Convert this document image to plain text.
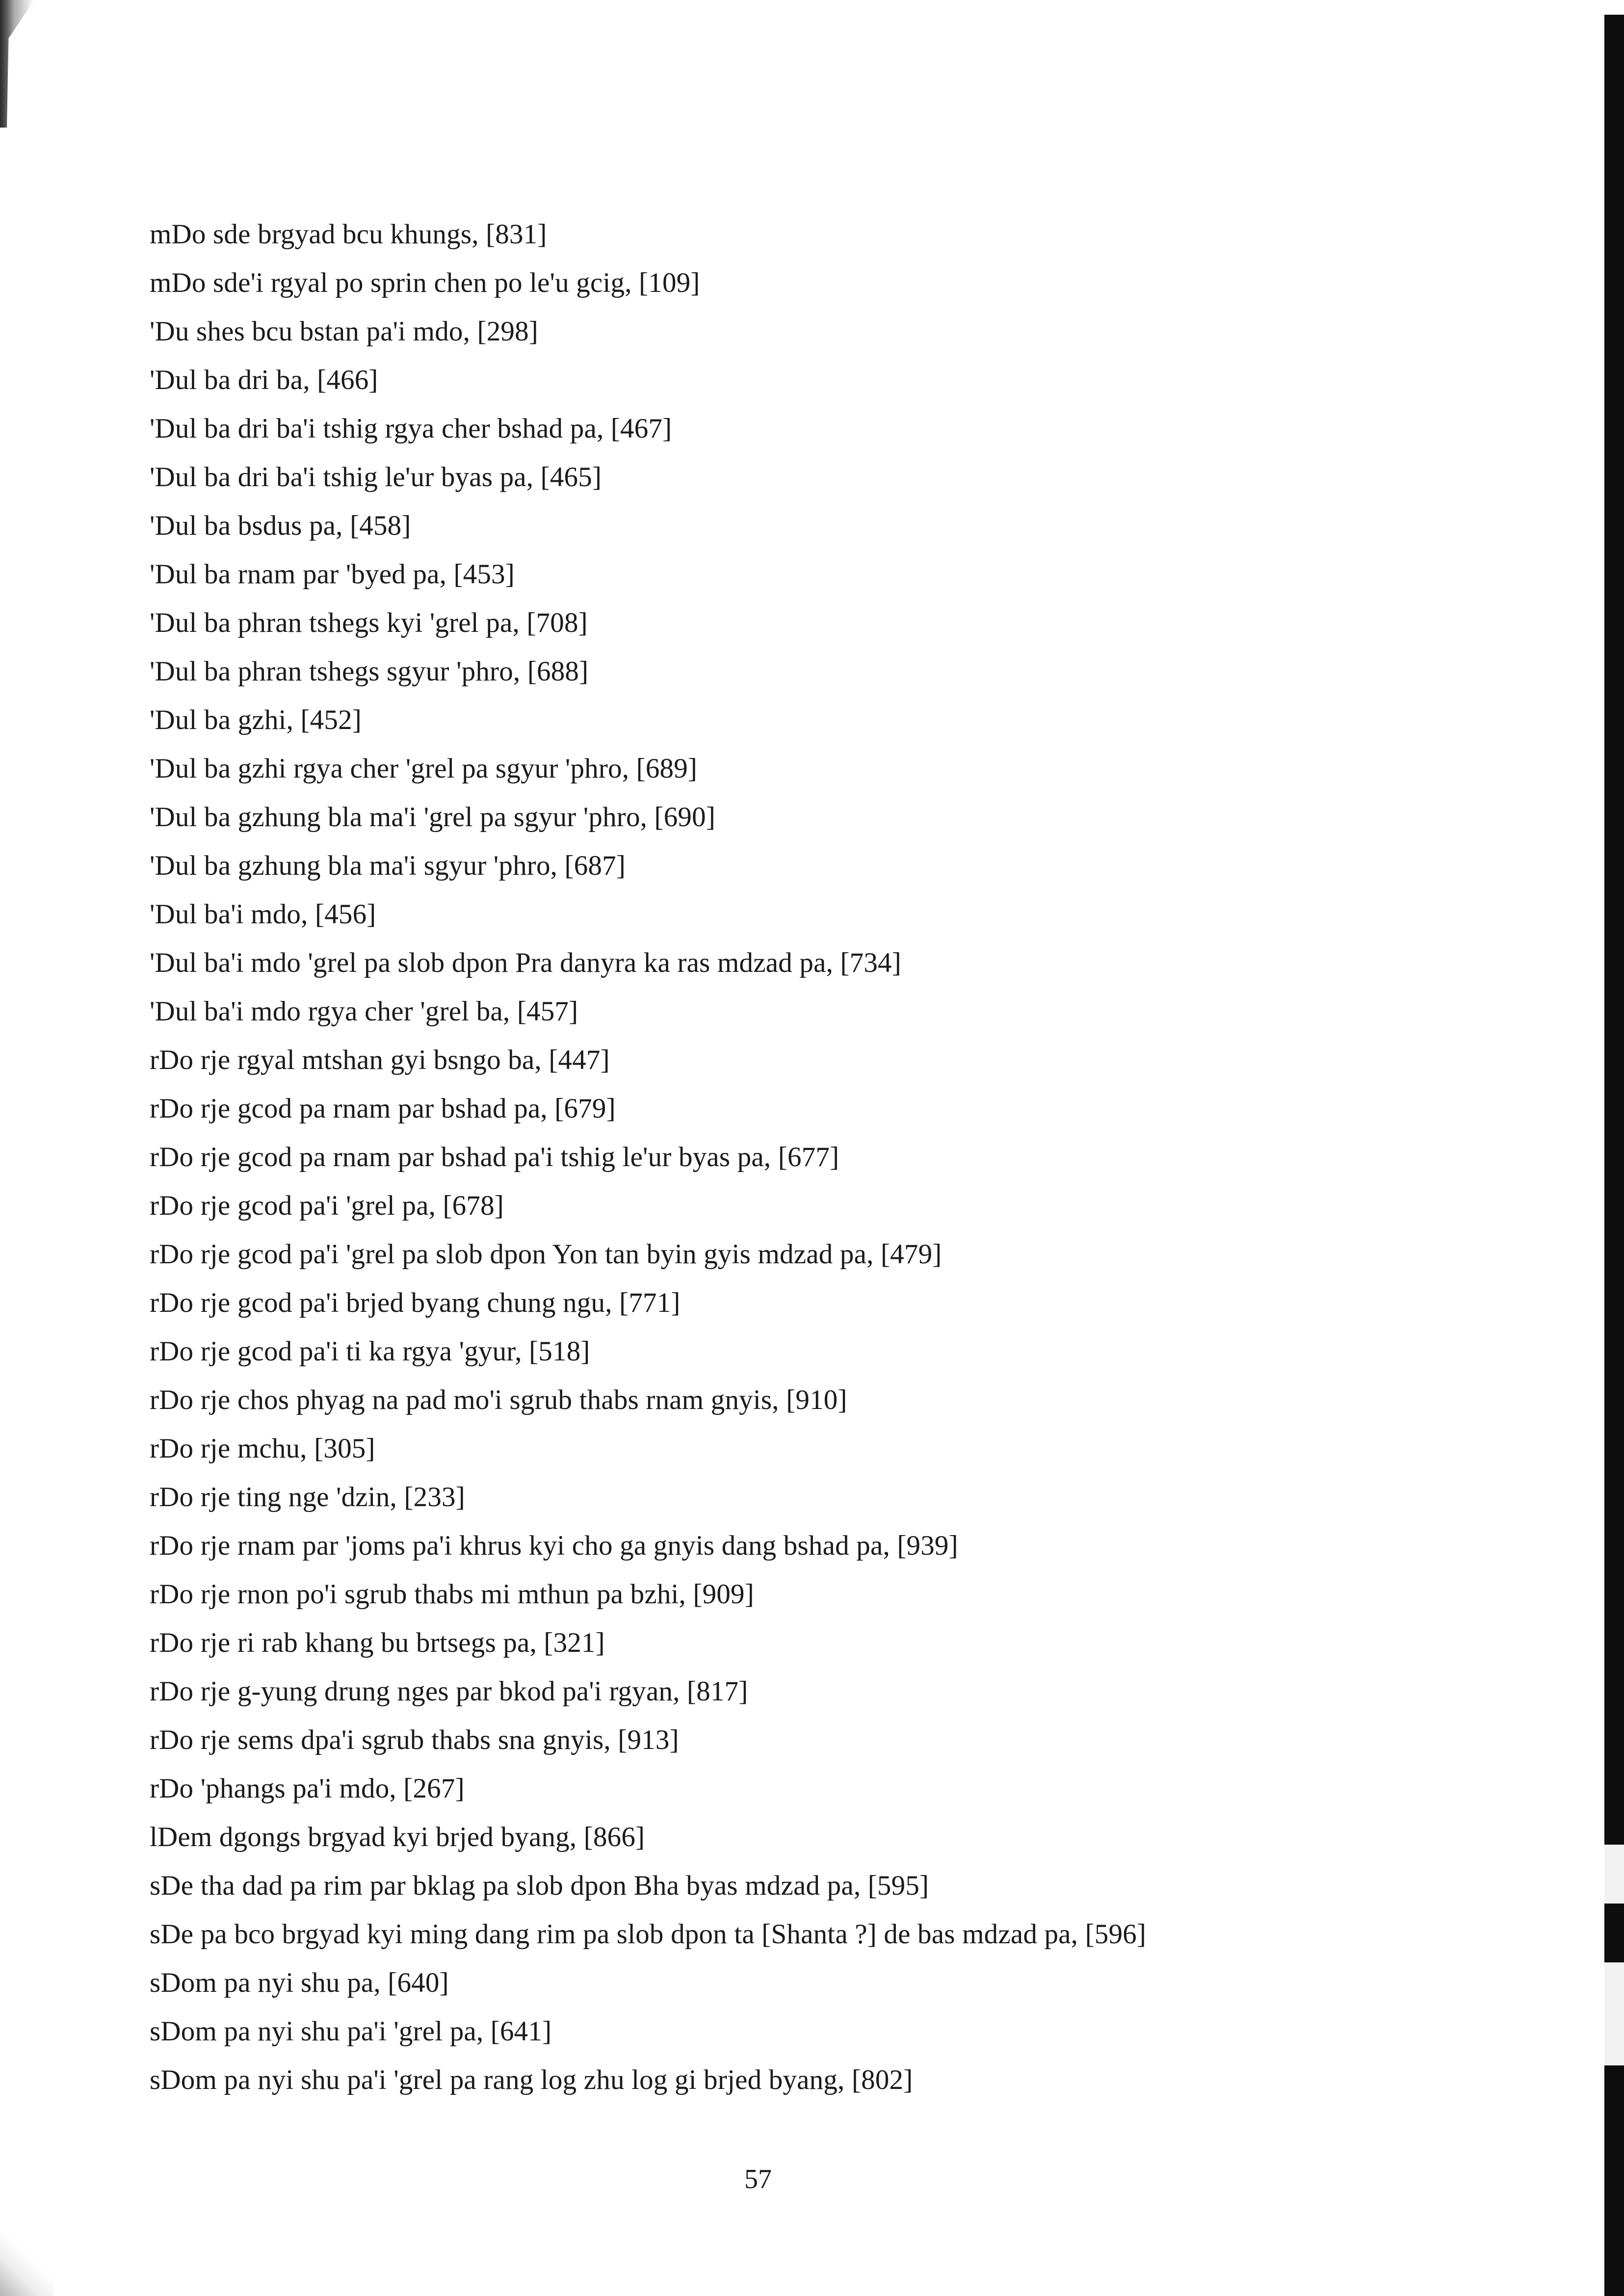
mDo sde brgyad bcu khungs, [831]
mDo sde'i rgyal po sprin chen po le'u gcig, [109]
'Du shes bcu bstan pa'i mdo, [298]
'Dul ba dri ba, [466]
'Dul ba dri ba'i tshig rgya cher bshad pa, [467]
'Dul ba dri ba'i tshig le'ur byas pa, [465]
'Dul ba bsdus pa, [458]
'Dul ba rnam par 'byed pa, [453]
'Dul ba phran tshegs kyi 'grel pa, [708]
'Dul ba phran tshegs sgyur 'phro, [688]
'Dul ba gzhi, [452]
'Dul ba gzhi rgya cher 'grel pa sgyur 'phro, [689]
'Dul ba gzhung bla ma'i 'grel pa sgyur 'phro, [690]
'Dul ba gzhung bla ma'i sgyur 'phro, [687]
'Dul ba'i mdo, [456]
'Dul ba'i mdo 'grel pa slob dpon Pra danyra ka ras mdzad pa, [734]
'Dul ba'i mdo rgya cher 'grel ba, [457]
rDo rje rgyal mtshan gyi bsngo ba, [447]
rDo rje gcod pa rnam par bshad pa, [679]
rDo rje gcod pa rnam par bshad pa'i tshig le'ur byas pa, [677]
rDo rje gcod pa'i 'grel pa, [678]
rDo rje gcod pa'i 'grel pa slob dpon Yon tan byin gyis mdzad pa, [479]
rDo rje gcod pa'i brjed byang chung ngu, [771]
rDo rje gcod pa'i ti ka rgya 'gyur, [518]
rDo rje chos phyag na pad mo'i sgrub thabs rnam gnyis, [910]
rDo rje mchu, [305]
rDo rje ting nge 'dzin, [233]
rDo rje rnam par 'joms pa'i khrus kyi cho ga gnyis dang bshad pa, [939]
rDo rje rnon po'i sgrub thabs mi mthun pa bzhi, [909]
rDo rje ri rab khang bu brtsegs pa, [321]
rDo rje g-yung drung nges par bkod pa'i rgyan, [817]
rDo rje sems dpa'i sgrub thabs sna gnyis, [913]
rDo 'phangs pa'i mdo, [267]
lDem dgongs brgyad kyi brjed byang, [866]
sDe tha dad pa rim par bklag pa slob dpon Bha byas mdzad pa, [595]
sDe pa bco brgyad kyi ming dang rim pa slob dpon ta [Shanta ?] de bas mdzad pa, [596]
sDom pa nyi shu pa, [640]
sDom pa nyi shu pa'i 'grel pa, [641]
sDom pa nyi shu pa'i 'grel pa rang log zhu log gi brjed byang, [802]
57
